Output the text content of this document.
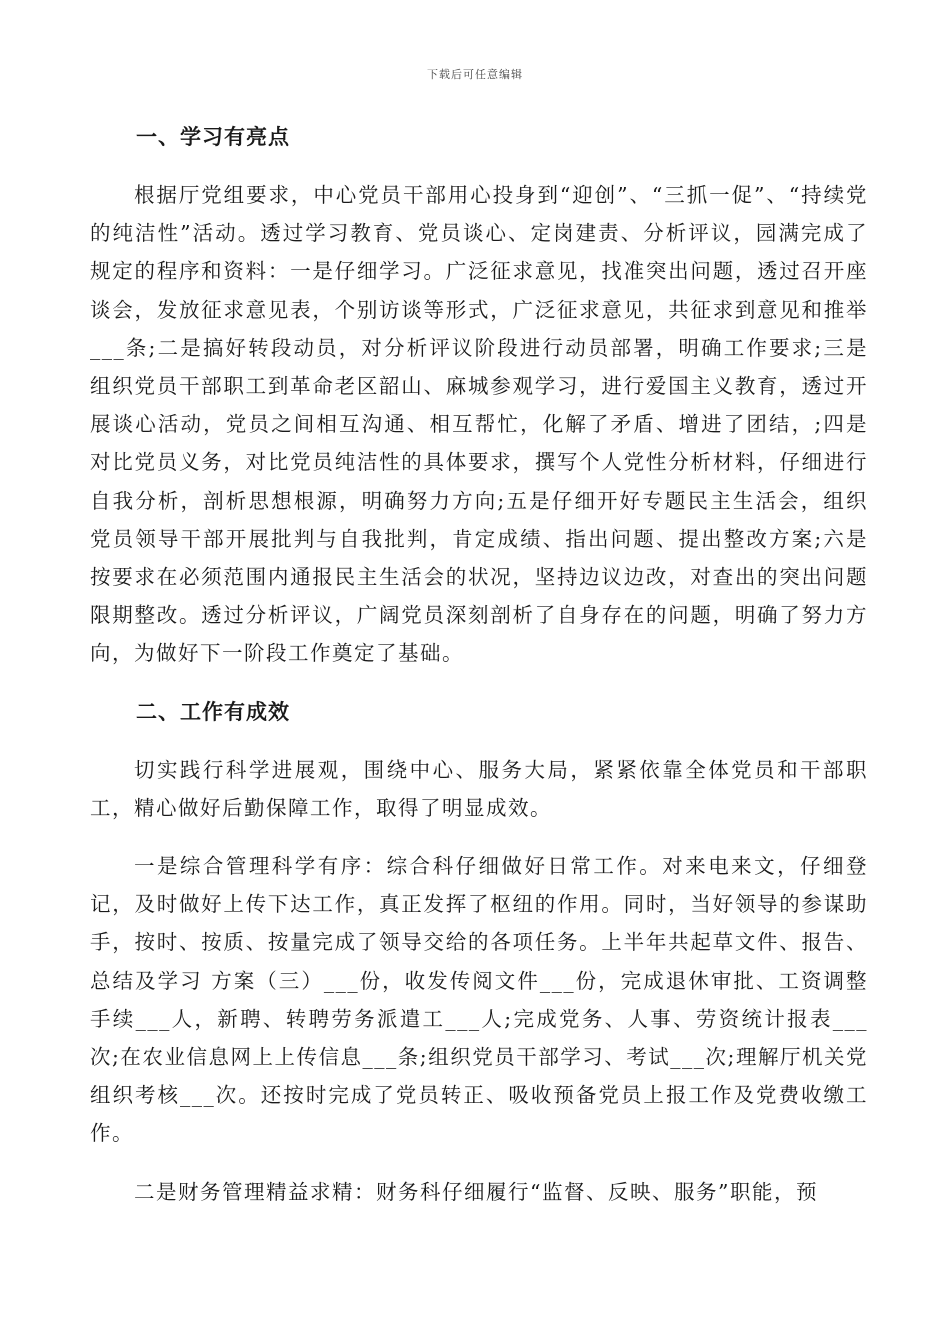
下载后可任意编辑
一、学习有亮点

根据厅党组要求，中心党员干部用心投身到“迎创”、“三抓一促”、“持续党的纯洁性”活动。透过学习教育、党员谈心、定岗建责、分析评议，园满完成了规定的程序和资料：一是仔细学习。广泛征求意见，找准突出问题，透过召开座谈会，发放征求意见表，个别访谈等形式，广泛征求意见，共征求到意见和推举___条;二是搞好转段动员，对分析评议阶段进行动员部署，明确工作要求;三是组织党员干部职工到革命老区韶山、麻城参观学习，进行爱国主义教育，透过开展谈心活动，党员之间相互沟通、相互帮忙，化解了矛盾、增进了团结，;四是对比党员义务，对比党员纯洁性的具体要求，撰写个人党性分析材料，仔细进行自我分析，剖析思想根源，明确努力方向;五是仔细开好专题民主生活会，组织党员领导干部开展批判与自我批判，肯定成绩、指出问题、提出整改方案;六是按要求在必须范围内通报民主生活会的状况，坚持边议边改，对查出的突出问题限期整改。透过分析评议，广阔党员深刻剖析了自身存在的问题，明确了努力方向，为做好下一阶段工作奠定了基础。

二、工作有成效

切实践行科学进展观，围绕中心、服务大局，紧紧依靠全体党员和干部职工，精心做好后勤保障工作，取得了明显成效。

一是综合管理科学有序：综合科仔细做好日常工作。对来电来文，仔细登记，及时做好上传下达工作，真正发挥了枢纽的作用。同时，当好领导的参谋助手，按时、按质、按量完成了领导交给的各项任务。上半年共起草文件、报告、总结及学习 方案（三）___份，收发传阅文件___份，完成退休审批、工资调整手续___人，新聘、转聘劳务派遣工___人;完成党务、人事、劳资统计报表___次;在农业信息网上上传信息___条;组织党员干部学习、考试___次;理解厅机关党组织考核___次。还按时完成了党员转正、吸收预备党员上报工作及党费收缴工作。

二是财务管理精益求精：财务科仔细履行“监督、反映、服务”职能，预
